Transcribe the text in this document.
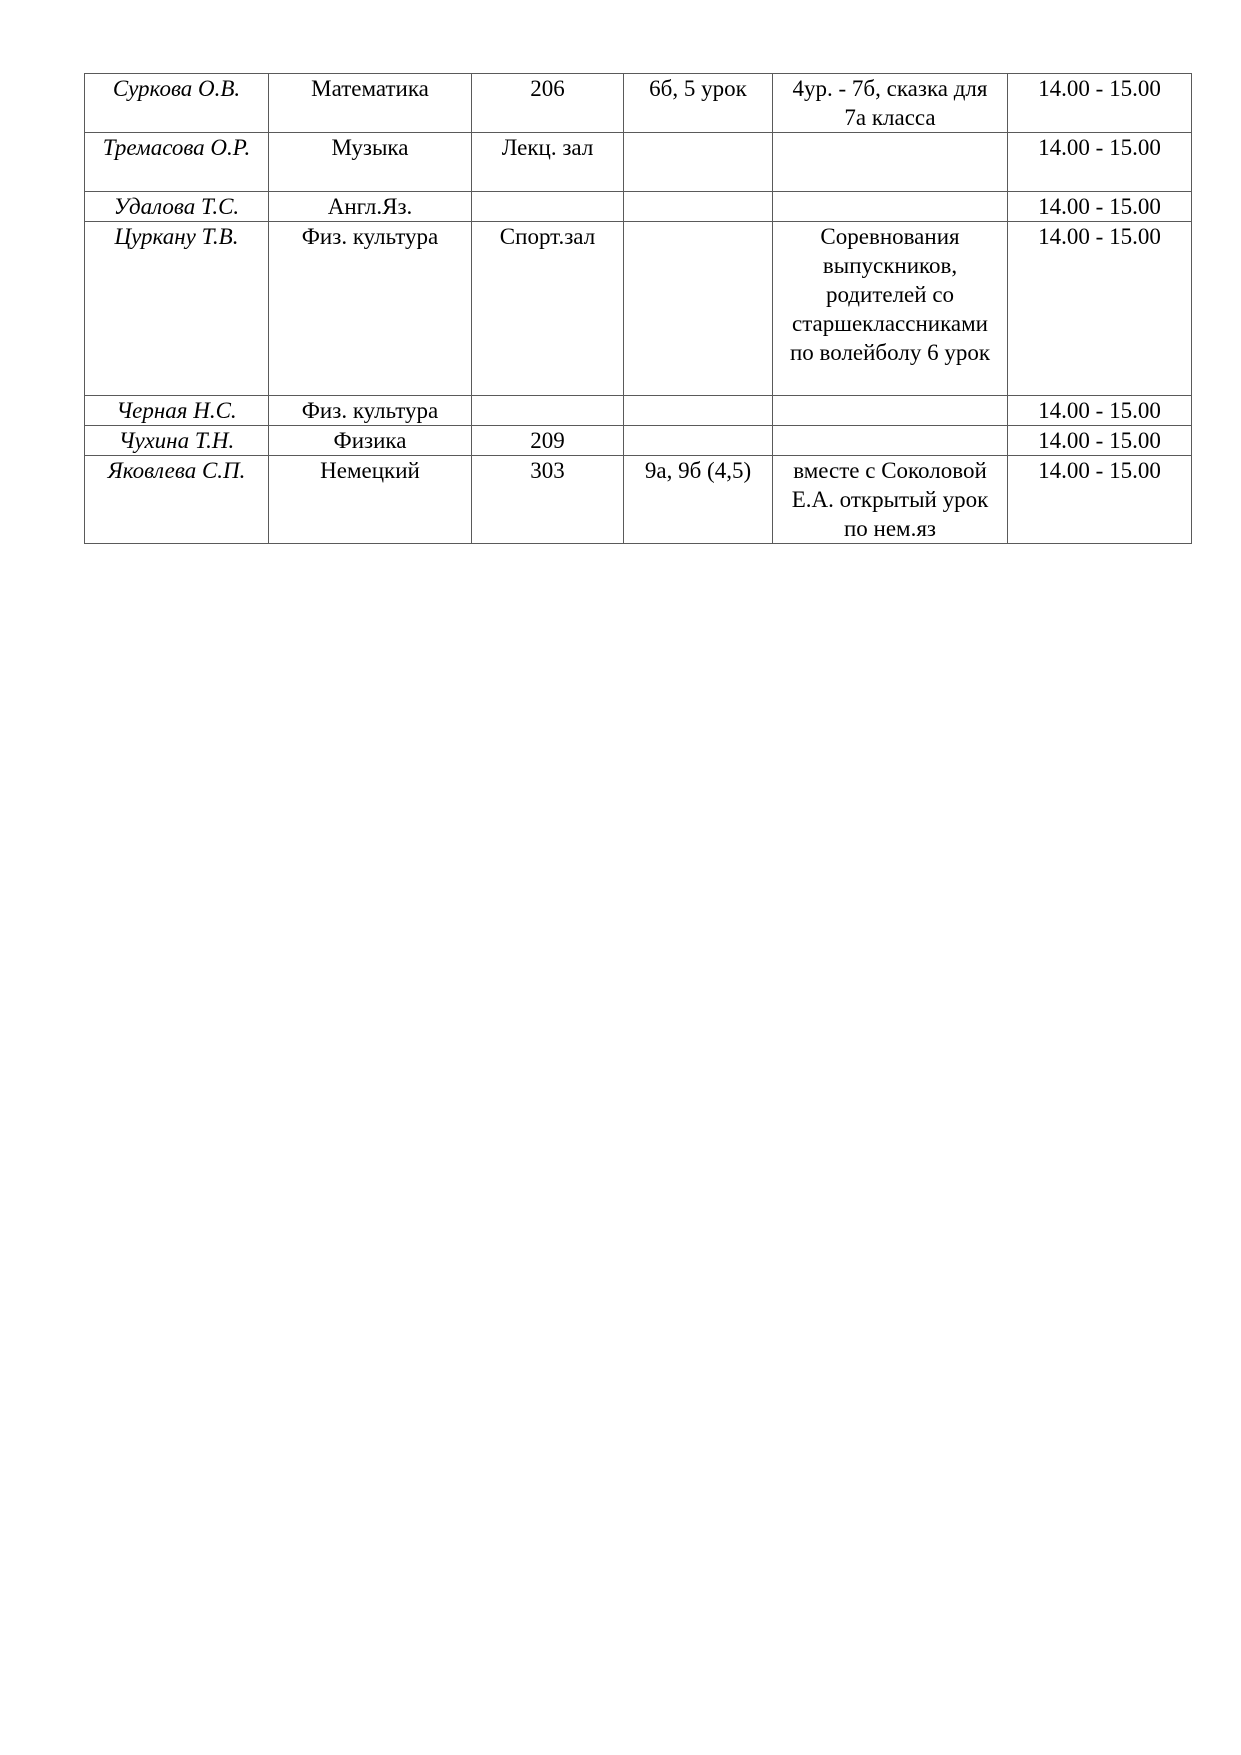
Суркова О.В.	Математика	206	6б, 5 урок	4ур. - 7б, сказка для 7а класса	14.00 - 15.00
Тремасова О.Р.	Музыка	Лекц. зал			14.00 - 15.00
Удалова Т.С.	Англ.Яз.				14.00 - 15.00
Цуркану Т.В.	Физ. культура	Спорт.зал		Соревнования выпускников, родителей со старшеклассниками по волейболу 6 урок	14.00 - 15.00
Черная Н.С.	Физ. культура				14.00 - 15.00
Чухина Т.Н.	Физика	209			14.00 - 15.00
Яковлева С.П.	Немецкий	303	9а, 9б (4,5)	вместе с Соколовой Е.А. открытый урок по нем.яз	14.00 - 15.00
